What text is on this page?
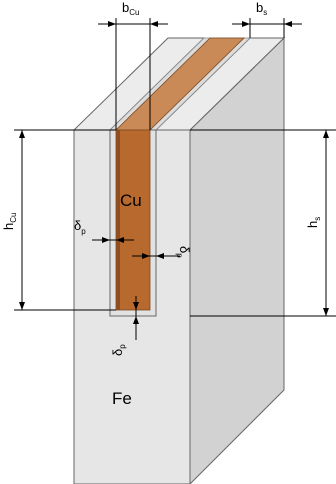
$b_{Cu}$	$b_s$
$h_{Cu}$
$h_s$
$\delta_p$
$\delta_p$
$\delta_p$
Cu
Fe
